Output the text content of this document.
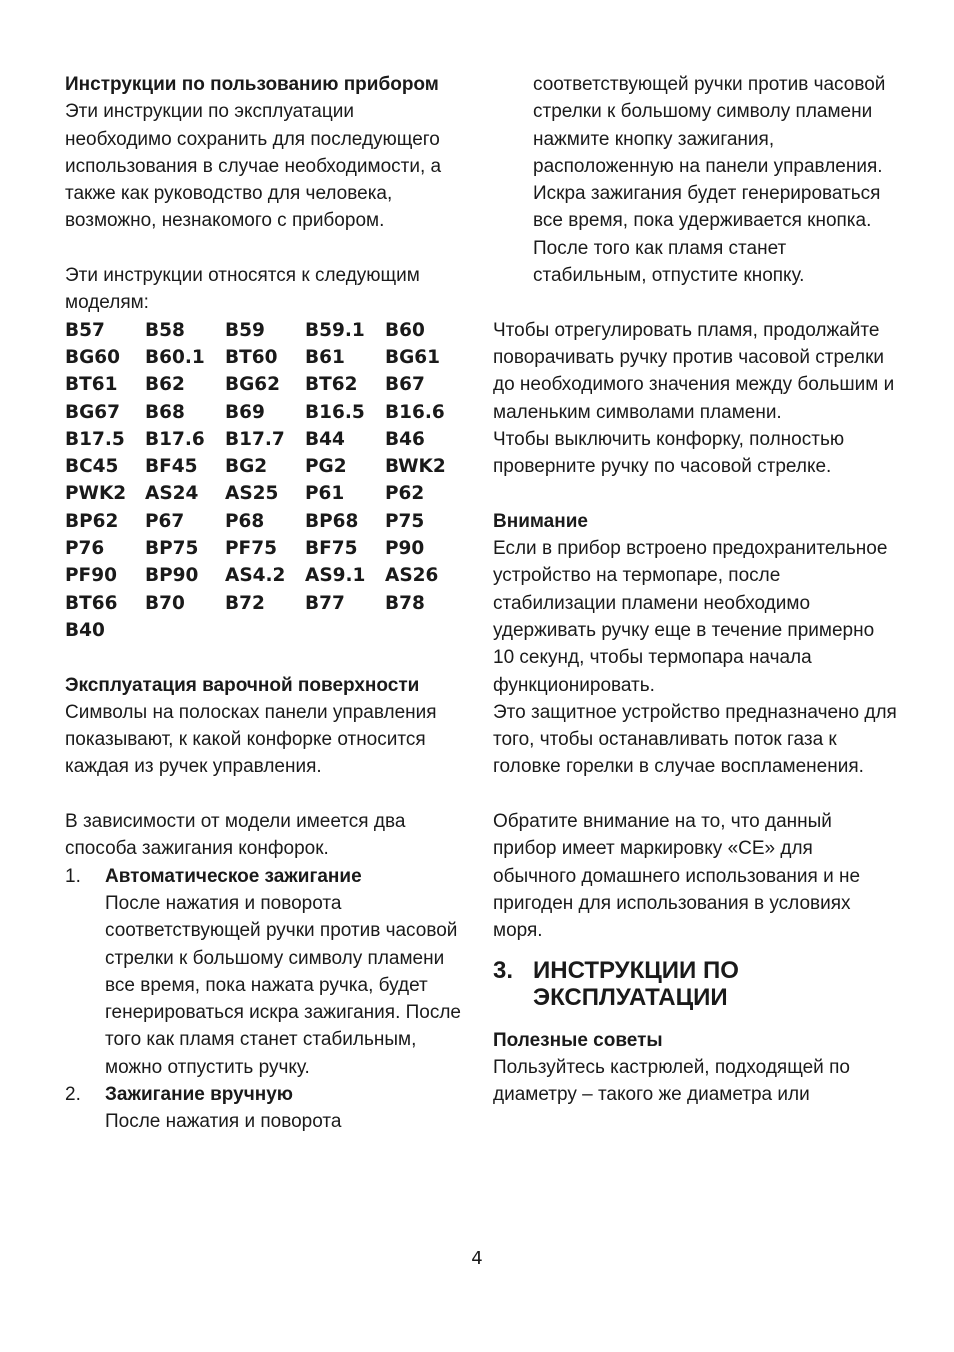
Инструкции по пользованию прибором

Эти инструкции по эксплуатации необходимо сохранить для последующего использования в случае необходимости, а также как руководство для человека, возможно, незнакомого с прибором.

Эти инструкции относятся к следующим моделям:

B57	B58	B59	B59.1	B60
BG60	B60.1	BT60	B61	BG61
BT61	B62	BG62	BT62	B67
BG67	B68	B69	B16.5	B16.6
B17.5	B17.6	B17.7	B44	B46
BC45	BF45	BG2	PG2	BWK2
PWK2	AS24	AS25	P61	P62
BP62	P67	P68	BP68	P75
P76	BP75	PF75	BF75	P90
PF90	BP90	AS4.2	AS9.1	AS26
BT66	B70	B72	B77	B78
B40

Эксплуатация варочной поверхности

Символы на полосках панели управления показывают, к какой конфорке относится каждая из ручек управления.

В зависимости от модели имеется два способа зажигания конфорок.

1.	Автоматическое зажигание

После нажатия и поворота соответствующей ручки против часовой стрелки к большому символу пламени все время, пока нажата ручка, будет генерироваться искра зажигания. После того как пламя станет стабильным, можно отпустить ручку.

2.	Зажигание вручную

После нажатия и поворота

соответствующей ручки против часовой стрелки к большому символу пламени нажмите кнопку зажигания, расположенную на панели управления. Искра зажигания будет генерироваться все время, пока удерживается кнопка. После того как пламя станет стабильным, отпустите кнопку.

Чтобы отрегулировать пламя, продолжайте поворачивать ручку против часовой стрелки до необходимого значения между большим и маленьким символами пламени.

Чтобы выключить конфорку, полностью проверните ручку по часовой стрелке.

Внимание

Если в прибор встроено предохранительное устройство на термопаре, после стабилизации пламени необходимо удерживать ручку еще в течение примерно 10 секунд, чтобы термопара начала функционировать.

Это защитное устройство предназначено для того, чтобы останавливать поток газа к головке горелки в случае воспламенения.

Обратите внимание на то, что данный прибор имеет маркировку «CE» для обычного домашнего использования и не пригоден для использования в условиях моря.

3. ИНСТРУКЦИИ ПО ЭКСПЛУАТАЦИИ

Полезные советы

Пользуйтесь кастрюлей, подходящей по диаметру – такого же диаметра или

4
